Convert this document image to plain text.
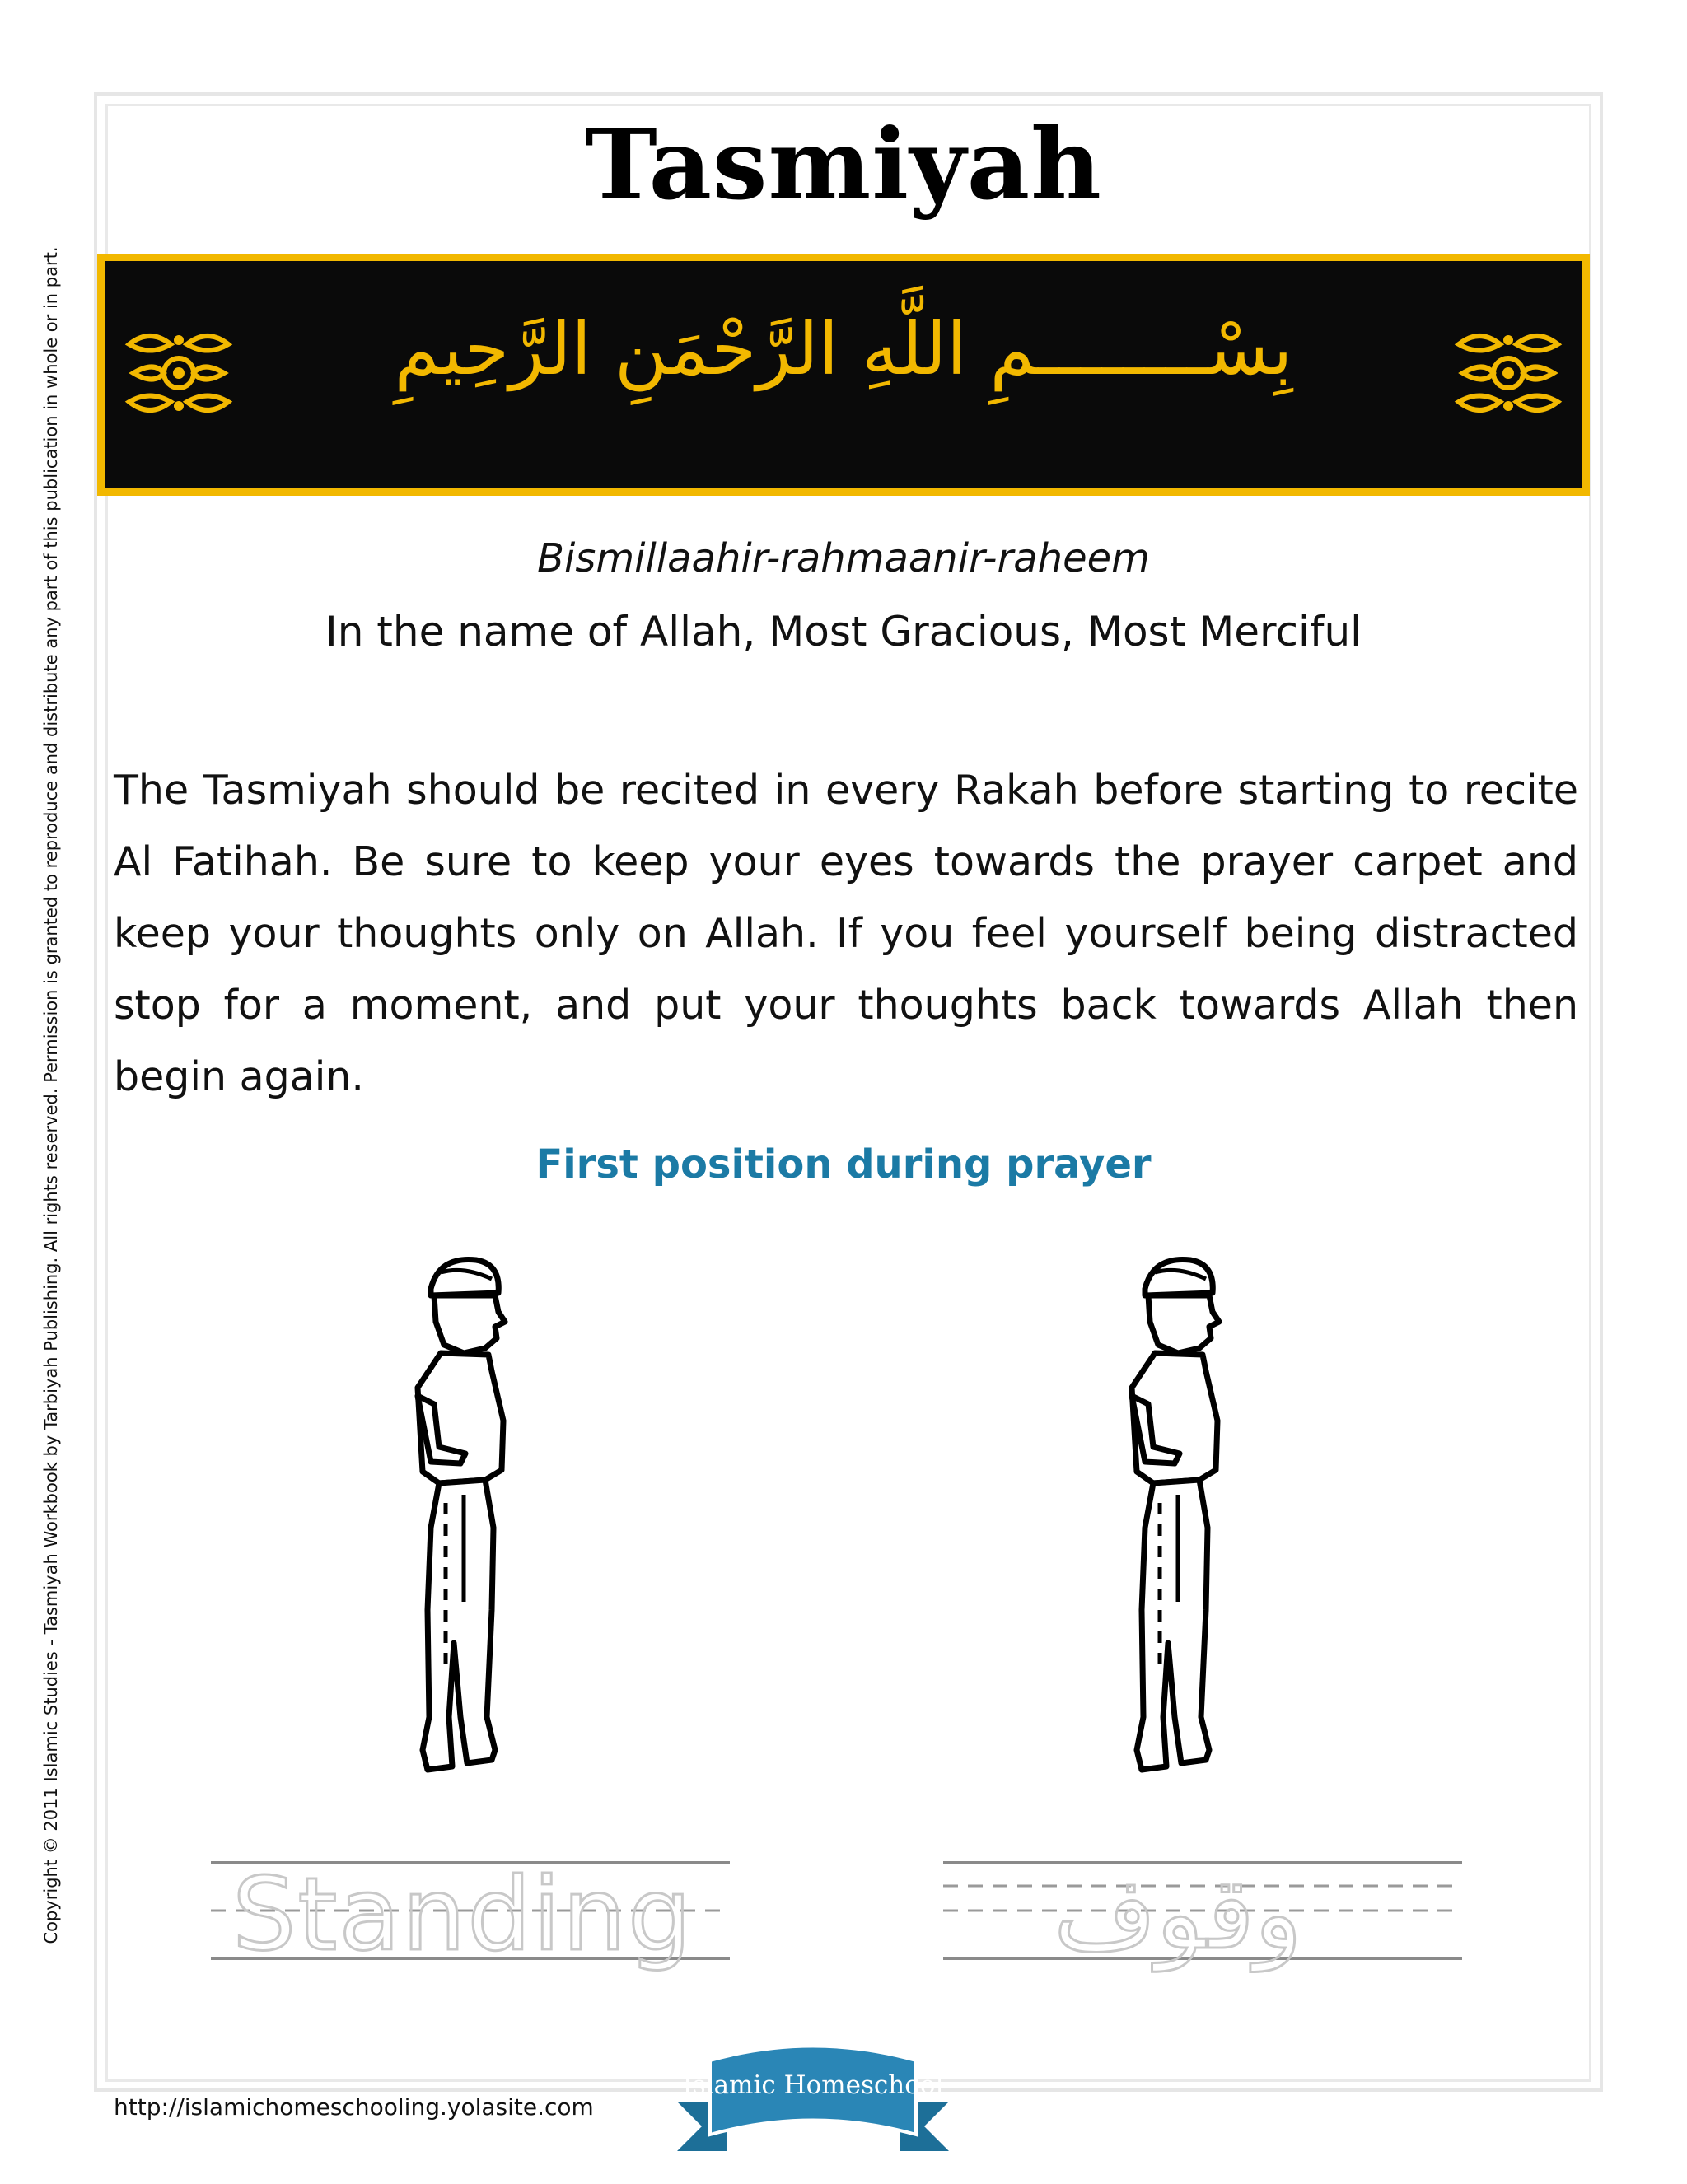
Copyright © 2011 Islamic Studies - Tasmiyah Workbook by Tarbiyah Publishing. All rights reserved. Permission is granted to reproduce and distribute any part of this publication in whole or in part.
Tasmiyah
بِسْــــــــمِ اللَّهِ الرَّحْمَنِ الرَّحِيمِ
Bismillaahir-rahmaanir-raheem
In the name of Allah, Most Gracious, Most Merciful
The Tasmiyah should be recited in every Rakah before starting to recite Al Fatihah. Be sure to keep your eyes towards the prayer carpet and keep your thoughts only on Allah. If you feel yourself being distracted stop for a moment, and put your thoughts back towards Allah then begin again.
First position during prayer
Standing	وقوف
http://islamichomeschooling.yolasite.com
Islamic Homeschool
